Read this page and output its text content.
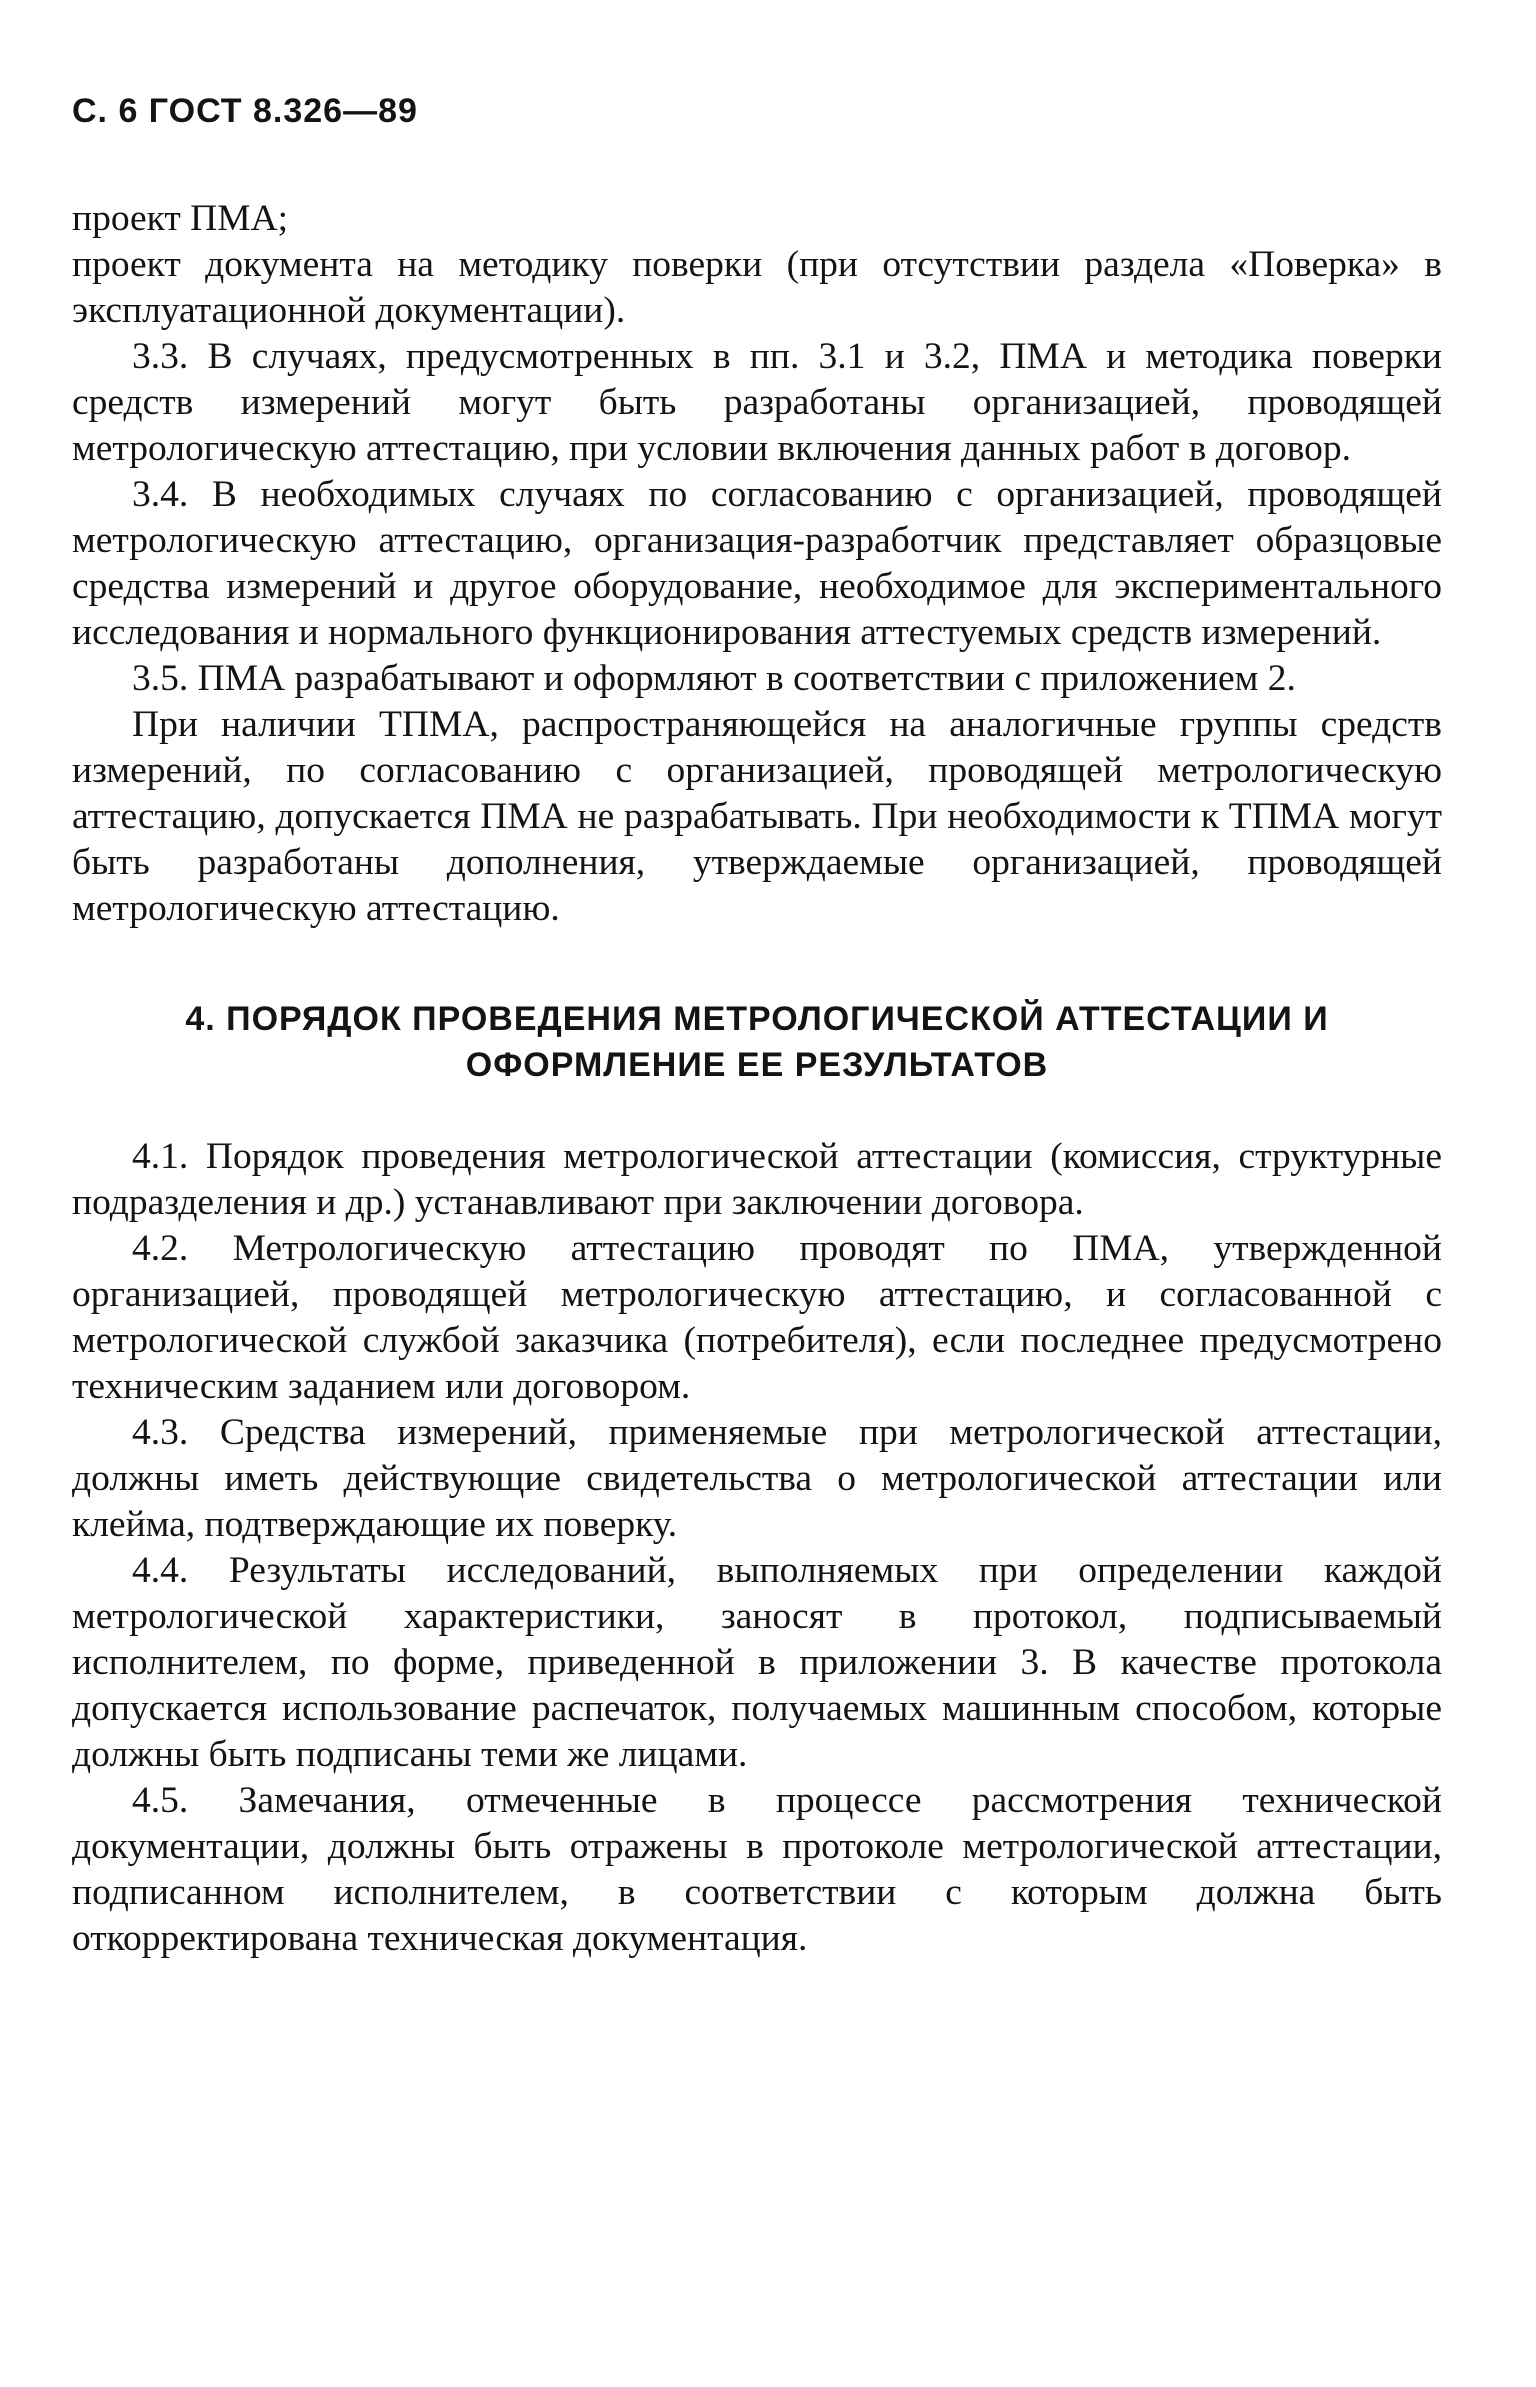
С. 6 ГОСТ 8.326—89

проект ПМА;

проект документа на методику поверки (при отсутствии раздела «Поверка» в эксплуатационной документации).

3.3. В случаях, предусмотренных в пп. 3.1 и 3.2, ПМА и методика поверки средств измерений могут быть разработаны организацией, проводящей метрологическую аттестацию, при условии включения данных работ в договор.

3.4. В необходимых случаях по согласованию с организацией, проводящей метрологическую аттестацию, организация-разработчик представляет образцовые средства измерений и другое оборудование, необходимое для экспериментального исследования и нормального функционирования аттестуемых средств измерений.

3.5. ПМА разрабатывают и оформляют в соответствии с приложением 2.

При наличии ТПМА, распространяющейся на аналогичные группы средств измерений, по согласованию с организацией, проводящей метрологическую аттестацию, допускается ПМА не разрабатывать. При необходимости к ТПМА могут быть разработаны дополнения, утверждаемые организацией, проводящей метрологическую аттестацию.

4. ПОРЯДОК ПРОВЕДЕНИЯ МЕТРОЛОГИЧЕСКОЙ АТТЕСТАЦИИ И ОФОРМЛЕНИЕ ЕЕ РЕЗУЛЬТАТОВ

4.1. Порядок проведения метрологической аттестации (комиссия, структурные подразделения и др.) устанавливают при заключении договора.

4.2. Метрологическую аттестацию проводят по ПМА, утвержденной организацией, проводящей метрологическую аттестацию, и согласованной с метрологической службой заказчика (потребителя), если последнее предусмотрено техническим заданием или договором.

4.3. Средства измерений, применяемые при метрологической аттестации, должны иметь действующие свидетельства о метрологической аттестации или клейма, подтверждающие их поверку.

4.4. Результаты исследований, выполняемых при определении каждой метрологической характеристики, заносят в протокол, подписываемый исполнителем, по форме, приведенной в приложении 3. В качестве протокола допускается использование распечаток, получаемых машинным способом, которые должны быть подписаны теми же лицами.

4.5. Замечания, отмеченные в процессе рассмотрения технической документации, должны быть отражены в протоколе метрологической аттестации, подписанном исполнителем, в соответствии с которым должна быть откорректирована техническая документация.
